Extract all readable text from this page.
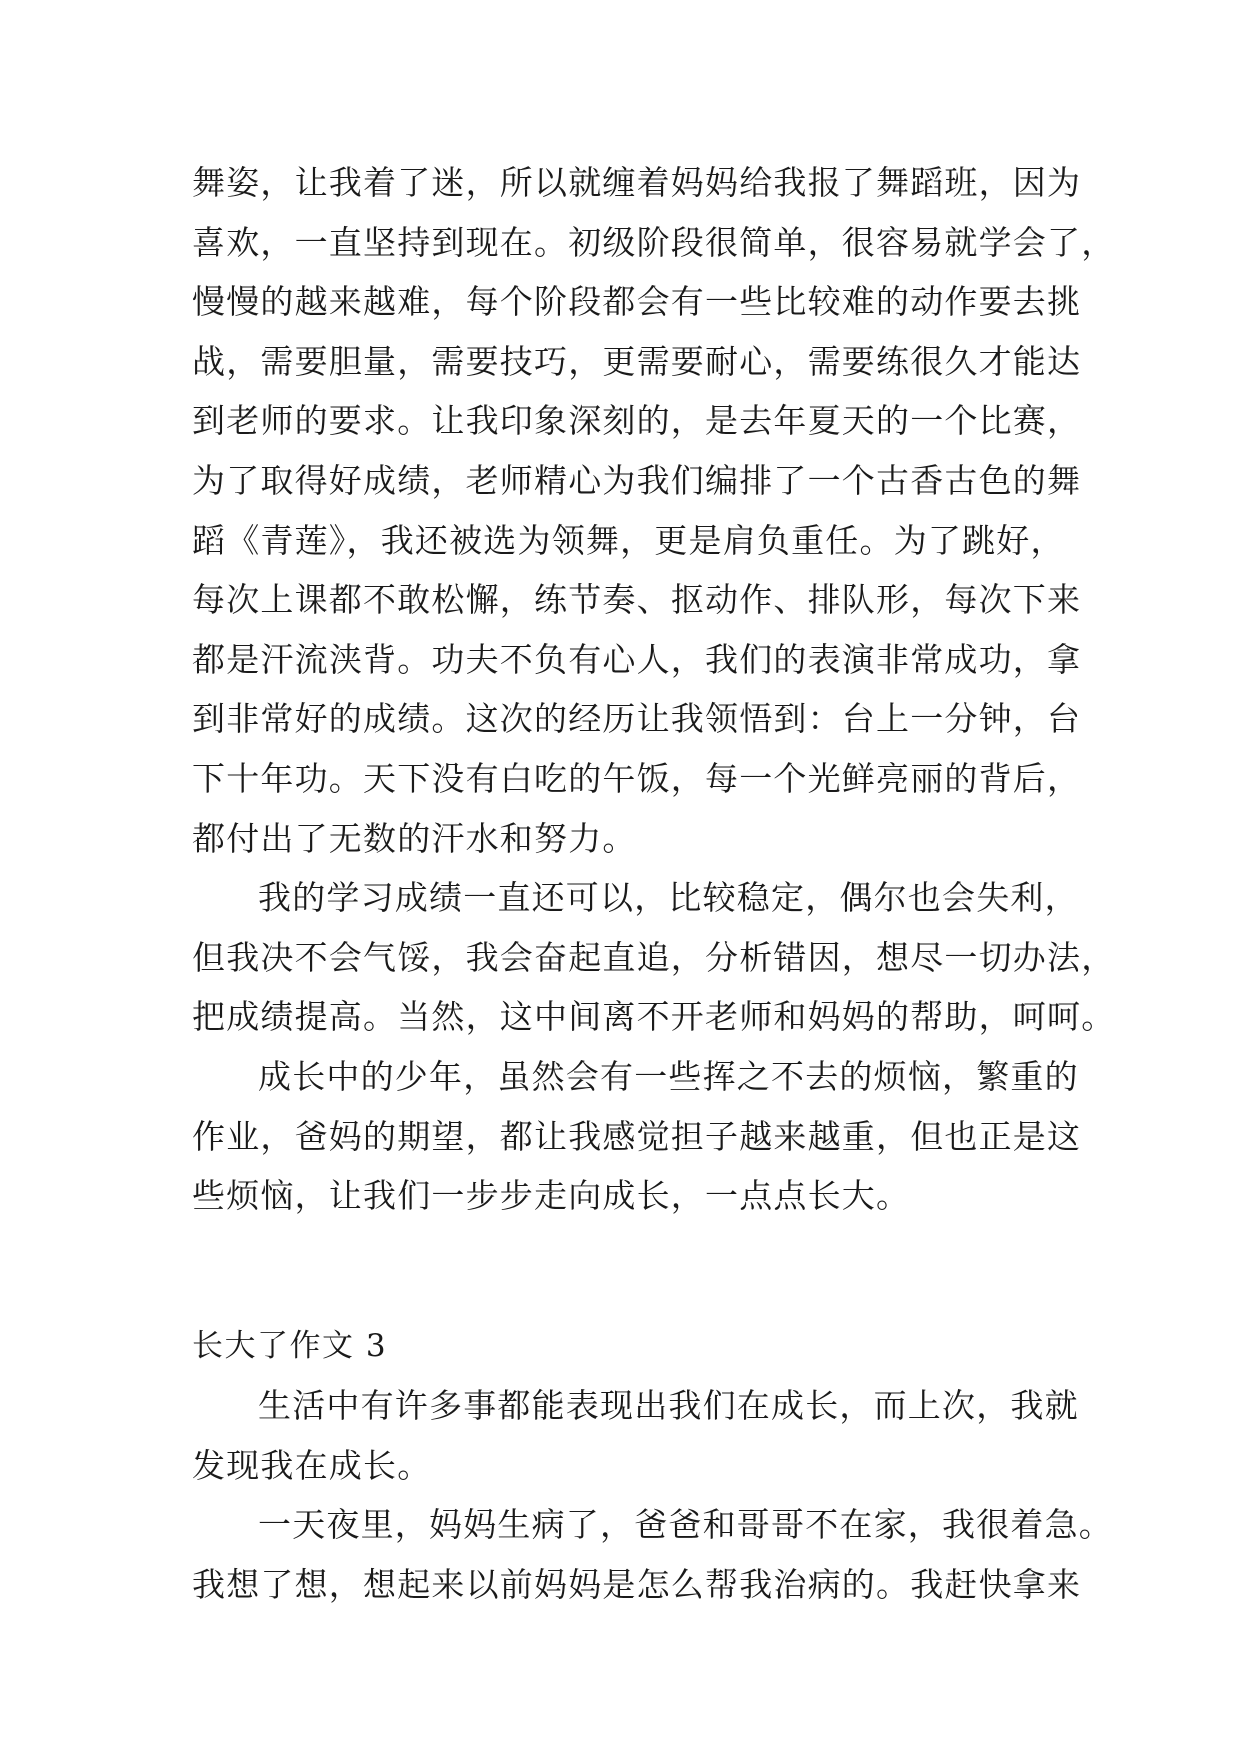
舞姿，让我着了迷，所以就缠着妈妈给我报了舞蹈班，因为
喜欢，一直坚持到现在。初级阶段很简单，很容易就学会了，
慢慢的越来越难，每个阶段都会有一些比较难的动作要去挑
战，需要胆量，需要技巧，更需要耐心，需要练很久才能达
到老师的要求。让我印象深刻的，是去年夏天的一个比赛，
为了取得好成绩，老师精心为我们编排了一个古香古色的舞
蹈《青莲》，我还被选为领舞，更是肩负重任。为了跳好，
每次上课都不敢松懈，练节奏、抠动作、排队形，每次下来
都是汗流浃背。功夫不负有心人，我们的表演非常成功，拿
到非常好的成绩。这次的经历让我领悟到：台上一分钟，台
下十年功。天下没有白吃的午饭，每一个光鲜亮丽的背后，
都付出了无数的汗水和努力。
我的学习成绩一直还可以，比较稳定，偶尔也会失利，
但我决不会气馁，我会奋起直追，分析错因，想尽一切办法，
把成绩提高。当然，这中间离不开老师和妈妈的帮助，呵呵。
成长中的少年，虽然会有一些挥之不去的烦恼，繁重的
作业，爸妈的期望，都让我感觉担子越来越重，但也正是这
些烦恼，让我们一步步走向成长，一点点长大。
长大了作文 3
生活中有许多事都能表现出我们在成长，而上次，我就
发现我在成长。
一天夜里，妈妈生病了，爸爸和哥哥不在家，我很着急。
我想了想，想起来以前妈妈是怎么帮我治病的。我赶快拿来
